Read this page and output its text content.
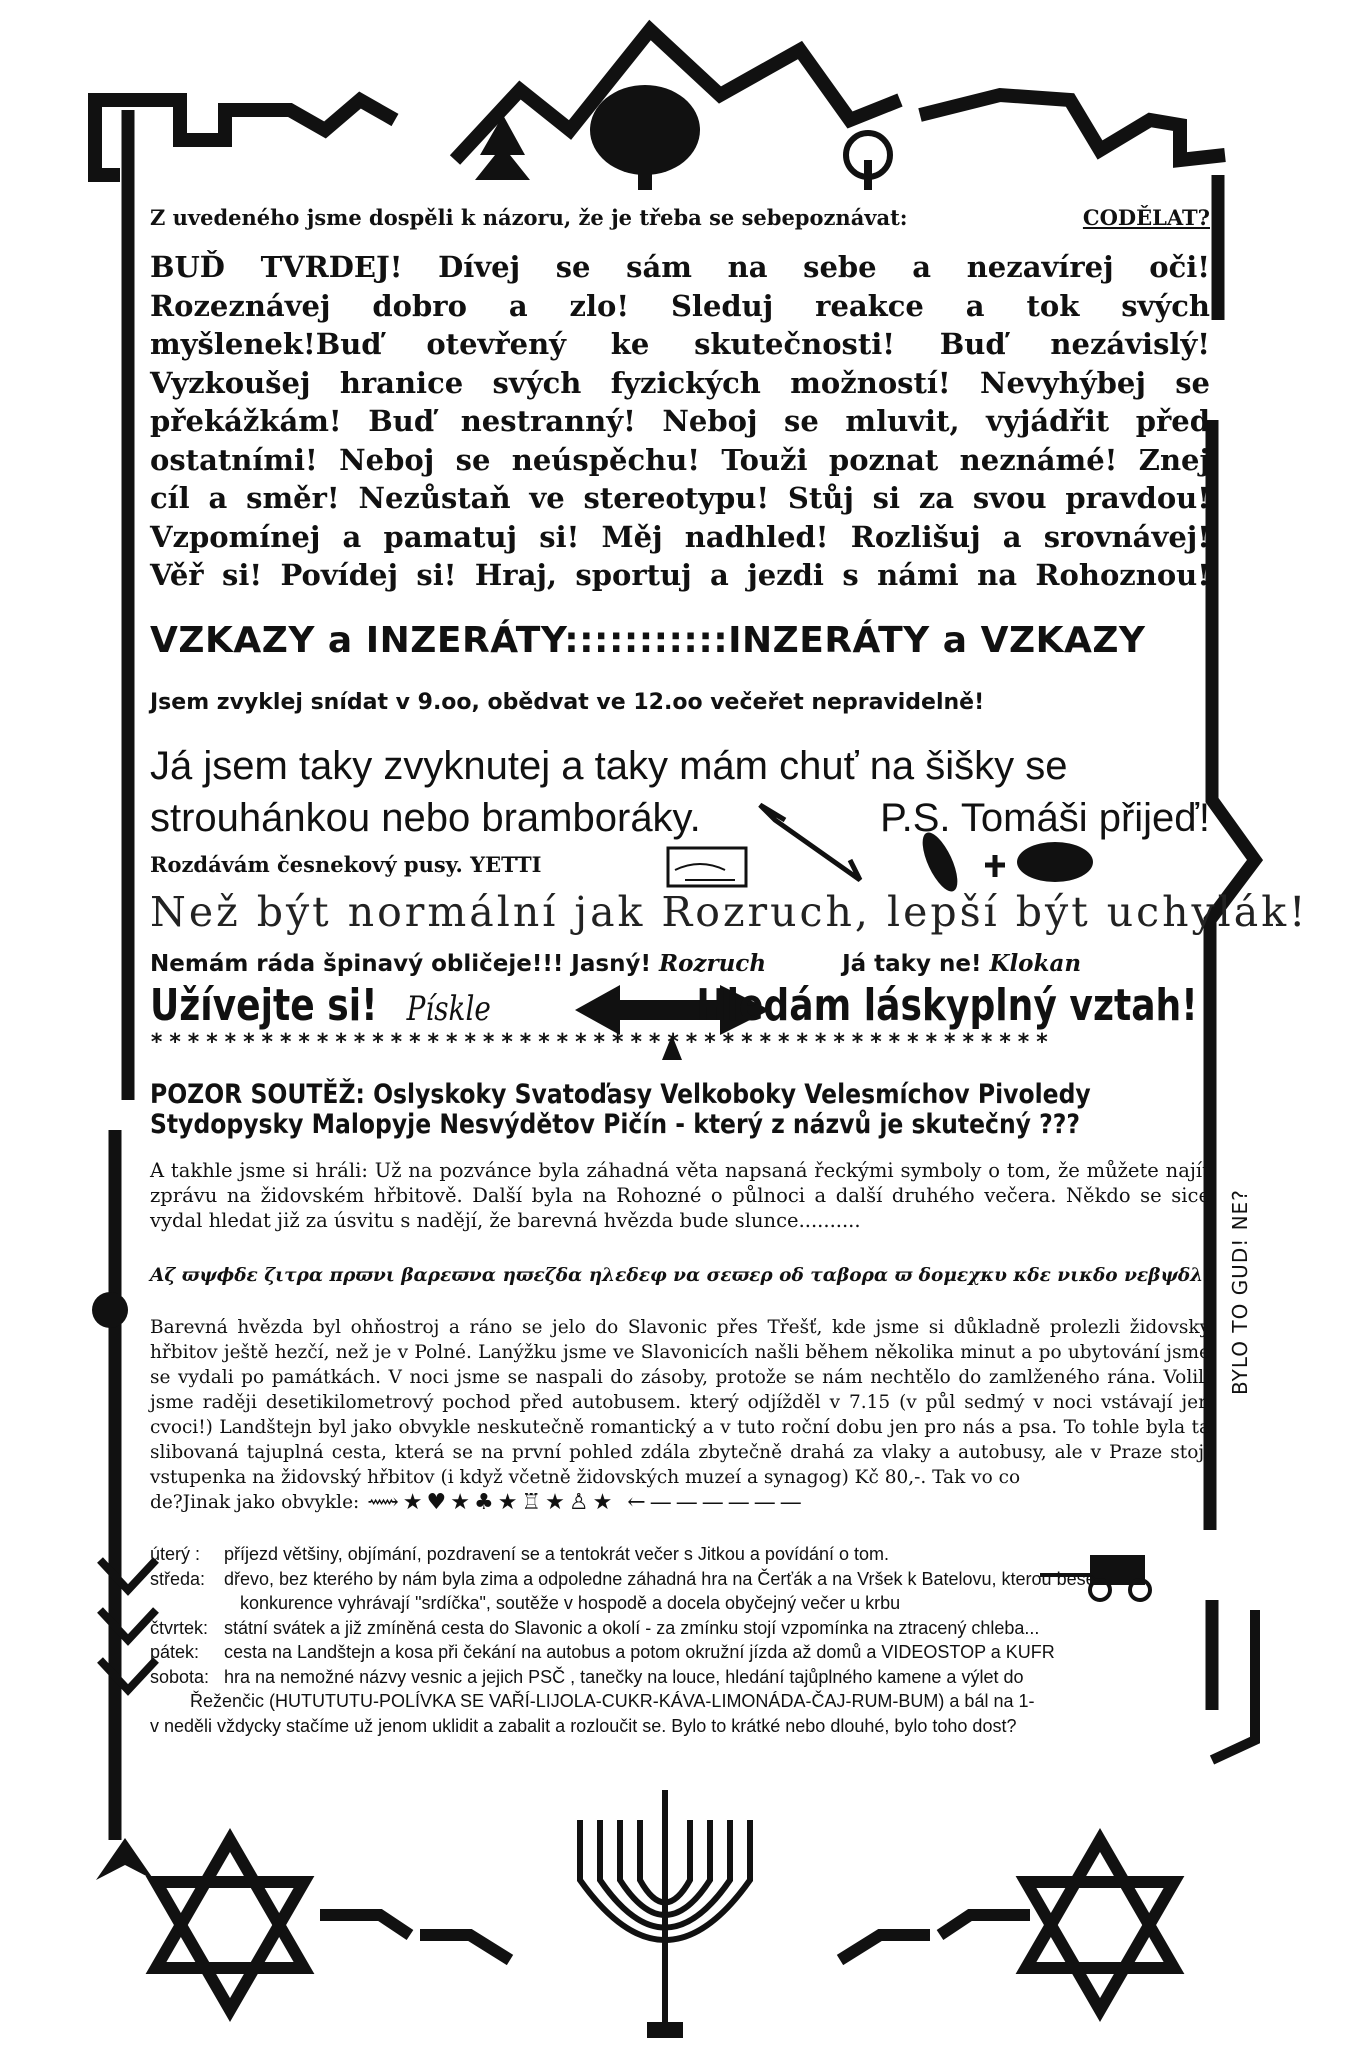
Z uvedeného jsme dospěli k názoru, že je třeba se sebepoznávat:	CODĚLAT?
BUĎ TVRDEJ! Dívej se sám na sebe a nezavírej oči!
Rozeznávej dobro a zlo! Sleduj reakce a tok svých
myšlenek!Buď otevřený ke skutečnosti! Buď nezávislý!
Vyzkoušej hranice svých fyzických možností! Nevyhýbej se
překážkám! Buď nestranný! Neboj se mluvit, vyjádřit před
ostatními! Neboj se neúspěchu! Touži poznat neznámé! Znej
cíl a směr! Nezůstaň ve stereotypu! Stůj si za svou pravdou!
Vzpomínej a pamatuj si! Měj nadhled! Rozlišuj a srovnávej!
Věř si! Povídej si! Hraj, sportuj a jezdi s námi na Rohoznou!
VZKAZY a INZERÁTY:::::::::::INZERÁTY a VZKAZY
Jsem zvyklej snídat v 9.oo, obědvat ve 12.oo večeřet nepravidelně!
Já jsem taky zvyknutej a taky mám chuť na šišky se
strouhánkou nebo bramboráky.	P.S. Tomáši přijeď!
Rozdávám česnekový pusy. YETTI
Než být normální jak Rozruch, lepší být uchylák!
Nemám ráda špinavý obličeje!!! Jasný! Rozruch	Já taky ne! Klokan
Užívejte si! Pískle	Hledám láskyplný vztah!
*************************************************
POZOR SOUTĚŽ: Oslyskoky Svatoďasy Velkoboky Velesmíchov Pivoledy
Stydopysky Malopyje Nesvýdětov Pičín - který z názvů je skutečný ???
A takhle jsme si hráli: Už na pozvánce byla záhadná věta napsaná řeckými symboly o tom, že můžete najít zprávu na židovském hřbitově. Další byla na Rohozné o půlnoci a další druhého večera. Někdo se sice vydal hledat již za úsvitu s nadějí, že barevná hvězda bude slunce..........
Αζ ϖψϕδε ζιτρα πρϖνι βαρεϖνα ηϖεζδα ηλεδεφ να σεϖερ οδ ταβορα ϖ δομεχκυ κδε νικδο νεβψδλ!
Barevná hvězda byl ohňostroj a ráno se jelo do Slavonic přes Třešť, kde jsme si důkladně prolezli židovský hřbitov ještě hezčí, než je v Polné. Lanýžku jsme ve Slavonicích našli během několika minut a po ubytování jsme se vydali po památkách. V noci jsme se naspali do zásoby, protože se nám nechtělo do zamlženého rána. Volili jsme raději desetikilometrový pochod před autobusem. který odjížděl v 7.15 (v půl sedmý v noci vstávají jen cvoci!) Landštejn byl jako obvykle neskutečně romantický a v tuto roční dobu jen pro nás a psa. To tohle byla ta slibovaná tajuplná cesta, která se na první pohled zdála zbytečně drahá za vlaky a autobusy, ale v Praze stojí vstupenka na židovský hřbitov (i když včetně židovských muzeí a synagog) Kč 80,-. Tak vo co
de?Jinak jako obvykle: ⟿★♥★♣★♖★♙★ ←——————
úterý :	příjezd většiny, objímání, pozdravení se a tentokrát večer s Jitkou a povídání o tom.
středa:	dřevo, bez kterého by nám byla zima a odpoledne záhadná hra na Čerťák a na Vršek k Batelovu, kterou bese
konkurence vyhrávají "srdíčka", soutěže v hospodě a docela obyčejný večer u krbu
čtvrtek: státní svátek a již zmíněná cesta do Slavonic a okolí - za zmínku stojí vzpomínka na ztracený chleba...
pátek:	cesta na Landštejn a kosa při čekání na autobus a potom okružní jízda až domů a VIDEOSTOP a KUFR
sobota: hra na nemožné názvy vesnic a jejich PSČ , tanečky na louce, hledání tajůplného kamene a výlet do
Řeženčic (HUTUTUTU-POLÍVKA SE VAŘÍ-LIJOLA-CUKR-KÁVA-LIMONÁDA-ČAJ-RUM-BUM) a bál na 1-
v neděli vždycky stačíme už jenom uklidit a zabalit a rozloučit se. Bylo to krátké nebo dlouhé, bylo toho dost?
BYLO TO GUD! NE?
